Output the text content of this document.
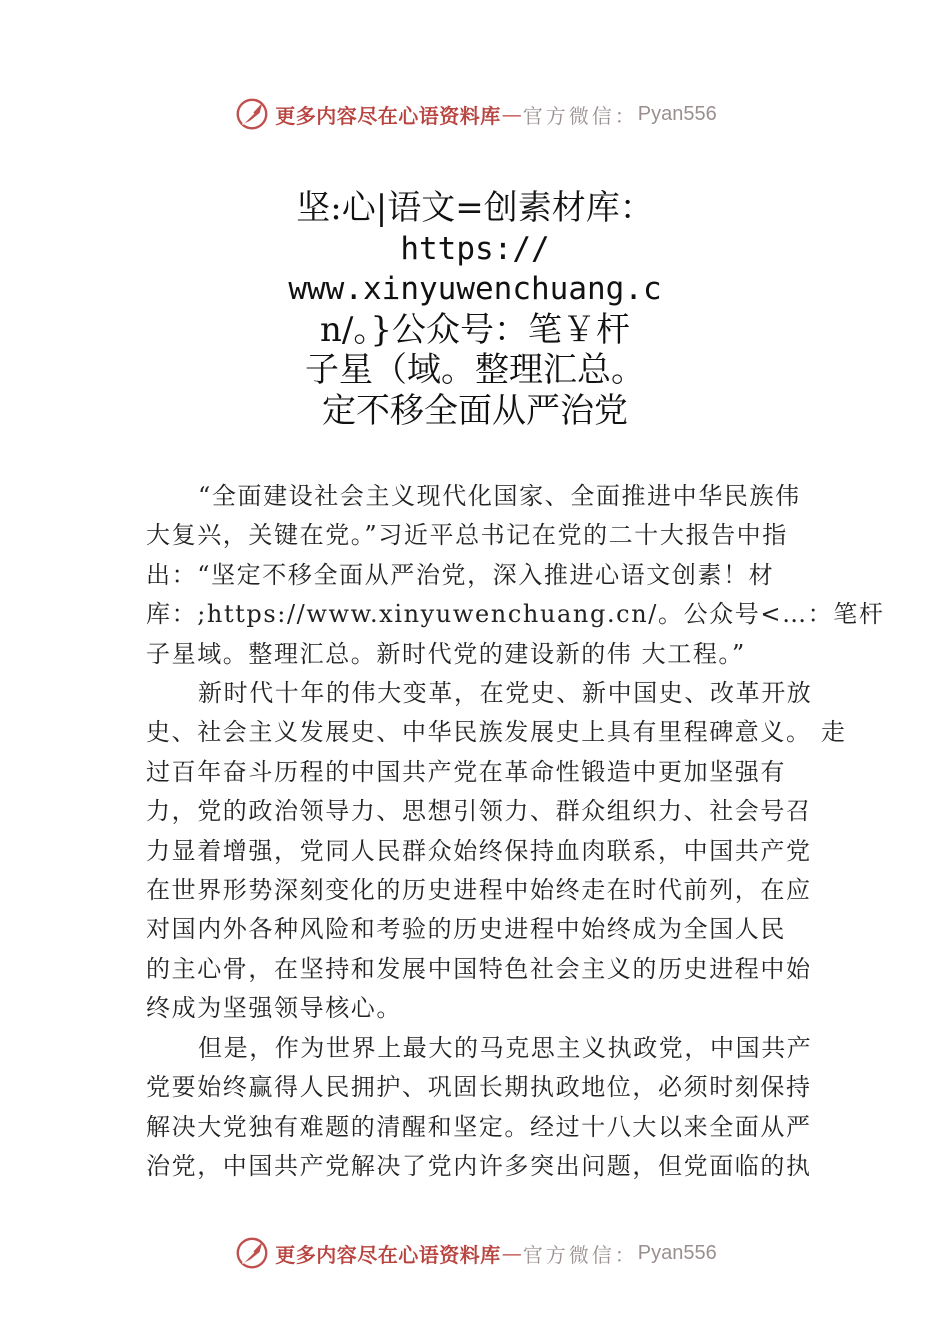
更多内容尽在心语资料库 — 官方微信： Pyan556
坚:心|语文=创素材库：
https://
www.xinyuwenchuang.c
n/。}公众号：笔￥杆
子星（域。整理汇总。
定不移全面从严治党

“全面建设社会主义现代化国家、全面推进中华民族伟

大复兴，关键在党。”习近平总书记在党的二十大报告中指

出：“坚定不移全面从严治党，深入推进心语文创素！材

库：;https://www.xinyuwenchuang.cn/。公众号<…：笔杆

子星域。整理汇总。新时代党的建设新的伟 大工程。”

新时代十年的伟大变革，在党史、新中国史、改革开放

史、社会主义发展史、中华民族发展史上具有里程碑意义。 走

过百年奋斗历程的中国共产党在革命性锻造中更加坚强有

力，党的政治领导力、思想引领力、群众组织力、社会号召

力显着增强，党同人民群众始终保持血肉联系，中国共产党

在世界形势深刻变化的历史进程中始终走在时代前列，在应

对国内外各种风险和考验的历史进程中始终成为全国人民

的主心骨，在坚持和发展中国特色社会主义的历史进程中始

终成为坚强领导核心。

但是，作为世界上最大的马克思主义执政党，中国共产

党要始终赢得人民拥护、巩固长期执政地位，必须时刻保持

解决大党独有难题的清醒和坚定。经过十八大以来全面从严

治党，中国共产党解决了党内许多突出问题，但党面临的执

更多内容尽在心语资料库 — 官方微信： Pyan556
